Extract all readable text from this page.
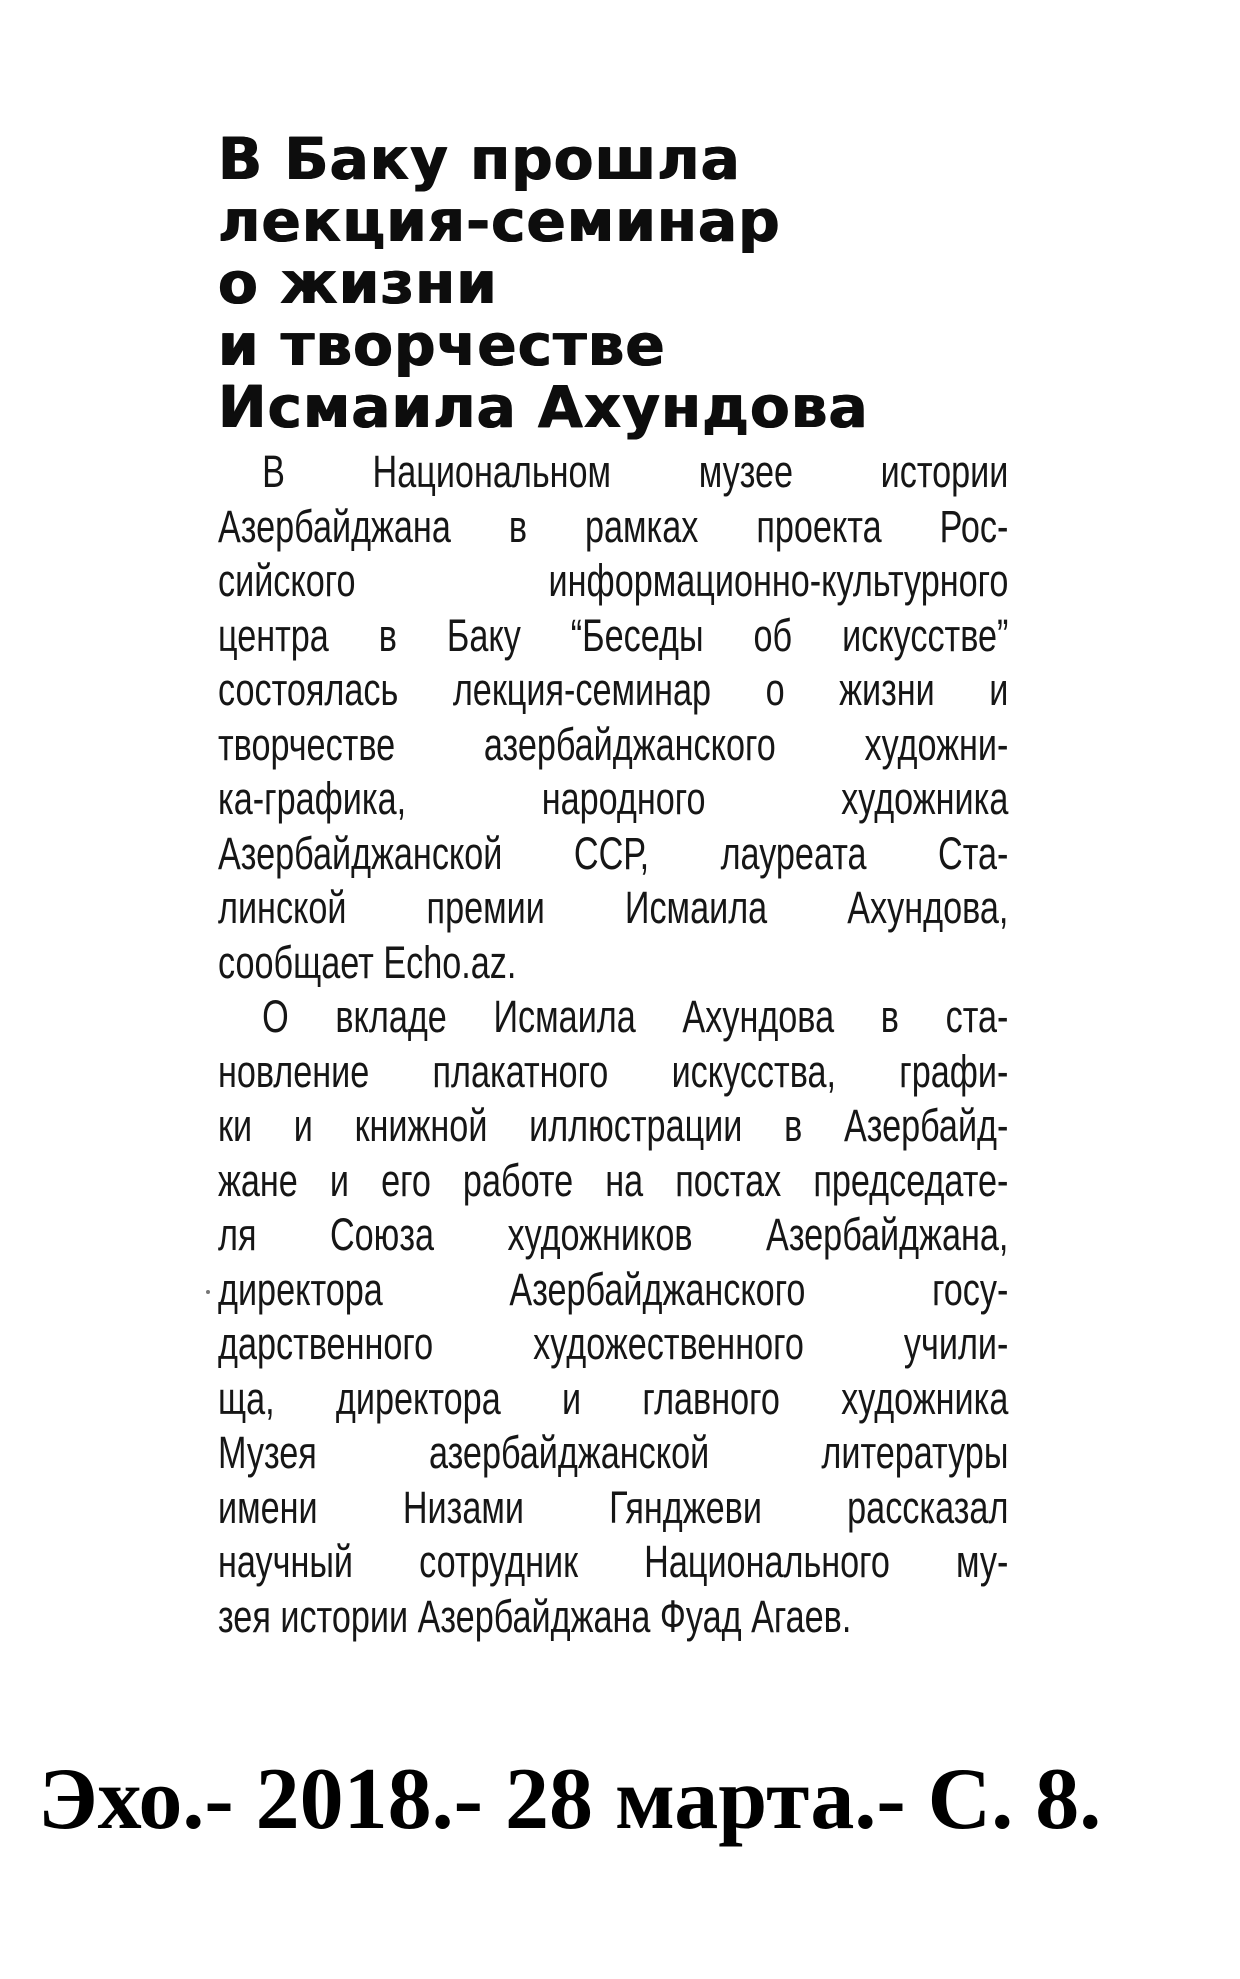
В Баку прошла
лекция-семинар
о жизни
и творчестве
Исмаила Ахундова
В Национальном музее истории
Азербайджана в рамках проекта Рос-
сийского информационно-культурного
центра в Баку “Беседы об искусстве”
состоялась лекция-семинар о жизни и
творчестве азербайджанского художни-
ка-графика, народного художника
Азербайджанской ССР, лауреата Ста-
линской премии Исмаила Ахундова,
сообщает Echo.az.
О вкладе Исмаила Ахундова в ста-
новление плакатного искусства, графи-
ки и книжной иллюстрации в Азербайд-
жане и его работе на постах председате-
ля Союза художников Азербайджана,
директора Азербайджанского госу-
дарственного художественного учили-
ща, директора и главного художника
Музея азербайджанской литературы
имени Низами Гянджеви рассказал
научный сотрудник Национального му-
зея истории Азербайджана Фуад Агаев.
Эхо.- 2018.- 28 марта.- С. 8.
